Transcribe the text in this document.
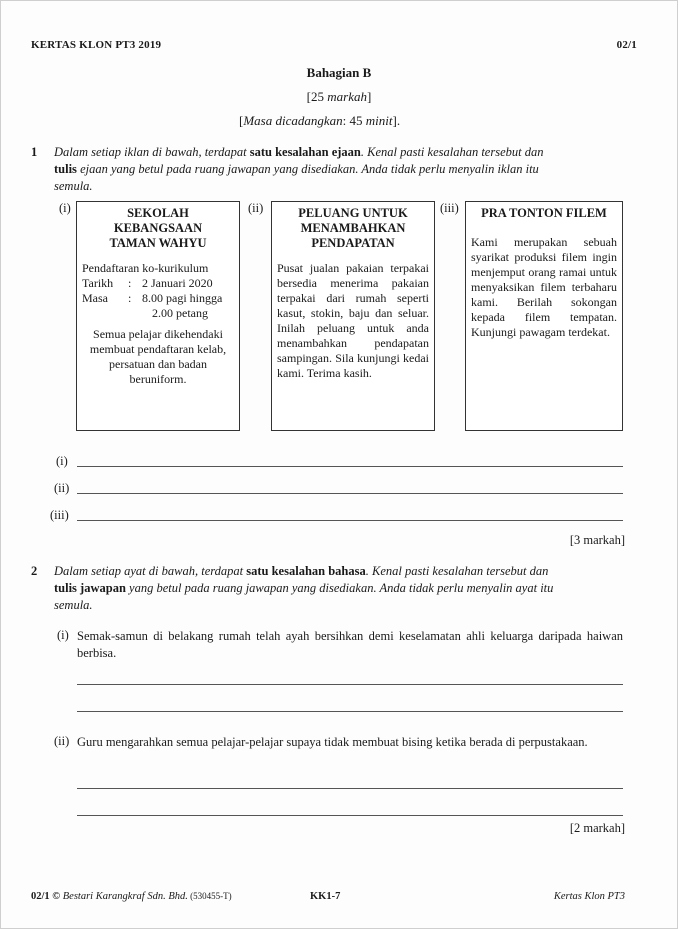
KERTAS KLON PT3 2019	02/1
Bahagian B
[25 markah]
[Masa dicadangkan: 45 minit].
1 Dalam setiap iklan di bawah, terdapat satu kesalahan ejaan. Kenal pasti kesalahan tersebut dan
tulis ejaan yang betul pada ruang jawapan yang disediakan. Anda tidak perlu menyalin iklan itu
semula.
(i)	(ii)	(iii)
SEKOLAH KEBANGSAAN TAMAN WAHYU
Pendaftaran ko-kurikulum
Tarikh	: 2 Januari 2020
Masa	: 8.00 pagi hingga
2.00 petang
Semua pelajar dikehendaki membuat pendaftaran kelab, persatuan dan badan beruniform.
PELUANG UNTUK MENAMBAHKAN PENDAPATAN
Pusat jualan pakaian terpakai bersedia menerima pakaian terpakai dari rumah seperti kasut, stokin, baju dan seluar. Inilah peluang untuk anda menambahkan pendapatan sampingan. Sila kunjungi kedai kami. Terima kasih.
PRA TONTON FILEM
Kami merupakan sebuah syarikat produksi filem ingin menjemput orang ramai untuk menyaksikan filem terbaharu kami. Berilah sokongan kepada filem tempatan. Kunjungi pawagam terdekat.
(i)
(ii)
(iii)
[3 markah]
2 Dalam setiap ayat di bawah, terdapat satu kesalahan bahasa. Kenal pasti kesalahan tersebut dan
tulis jawapan yang betul pada ruang jawapan yang disediakan. Anda tidak perlu menyalin ayat itu
semula.
(i) Semak-samun di belakang rumah telah ayah bersihkan demi keselamatan ahli keluarga daripada haiwan berbisa.
(ii) Guru mengarahkan semua pelajar-pelajar supaya tidak membuat bising ketika berada di perpustakaan.
[2 markah]
02/1 © Bestari Karangkraf Sdn. Bhd. (530455-T)	KK1-7	Kertas Klon PT3
